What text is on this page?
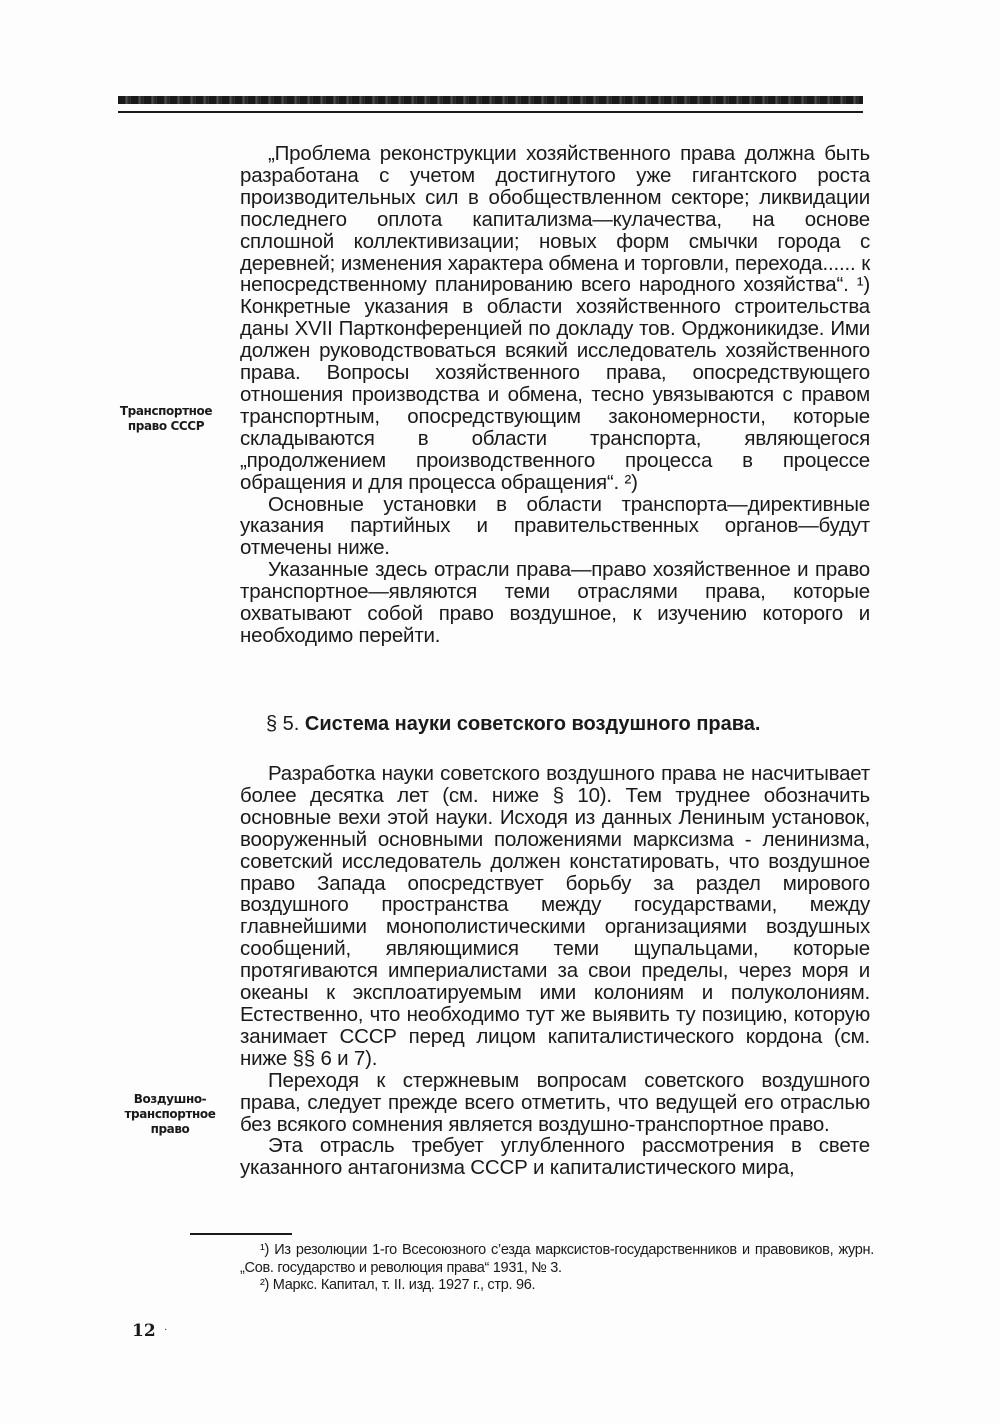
„Проблема реконструкции хозяйственного права должна быть разработана с учетом достигнутого уже гигантского роста производительных сил в обобществленном секторе; ликвидации последнего оплота капитализма—кулачества, на основе сплошной коллективизации; новых форм смычки города с деревней; изменения характера обмена и торговли, перехода...... к непосредственному планированию всего народного хозяйства“. ¹) Конкретные указания в области хозяйственного строительства даны XVII Партконференцией по докладу тов. Орджоникидзе. Ими должен руководствоваться всякий исследователь хозяйственного права. Вопросы хозяйственного права, опосредствующего отношения производства и обмена, тесно увязываются с правом транспортным, опосредствующим закономерности, которые складываются в области транспорта, являющегося „продолжением производственного процесса в процессе обращения и для процесса обращения“. ²)

Основные установки в области транспорта—директивные указания партийных и правительственных органов—будут отмечены ниже.

Указанные здесь отрасли права—право хозяйственное и право транспортное—являются теми отраслями права, которые охватывают собой право воздушное, к изучению которого и необходимо перейти.

Транспортное право СССР
§ 5. Система науки советского воздушного права.

Разработка науки советского воздушного права не насчитывает более десятка лет (см. ниже § 10). Тем труднее обозначить основные вехи этой науки. Исходя из данных Лениным установок, вооруженный основными положениями марксизма - ленинизма, советский исследователь должен констатировать, что воздушное право Запада опосредствует борьбу за раздел мирового воздушного пространства между государствами, между главнейшими монополистическими организациями воздушных сообщений, являющимися теми щупальцами, которые протягиваются империалистами за свои пределы, через моря и океаны к эксплоатируемым ими колониям и полуколониям. Естественно, что необходимо тут же выявить ту позицию, которую занимает СССР перед лицом капиталистического кордона (см. ниже §§ 6 и 7).

Переходя к стержневым вопросам советского воздушного права, следует прежде всего отметить, что ведущей его отраслью без всякого сомнения является воздушно-транспортное право.

Эта отрасль требует углубленного рассмотрения в свете указанного антагонизма СССР и капиталистического мира,

Воздушно-транспортное право

¹) Из резолюции 1-го Всесоюзного с’езда марксистов-государственников и правовиков, журн. „Сов. государство и революция права“ 1931, № 3.

²) Маркс. Капитал, т. II. изд. 1927 г., стр. 96.

12 ·
